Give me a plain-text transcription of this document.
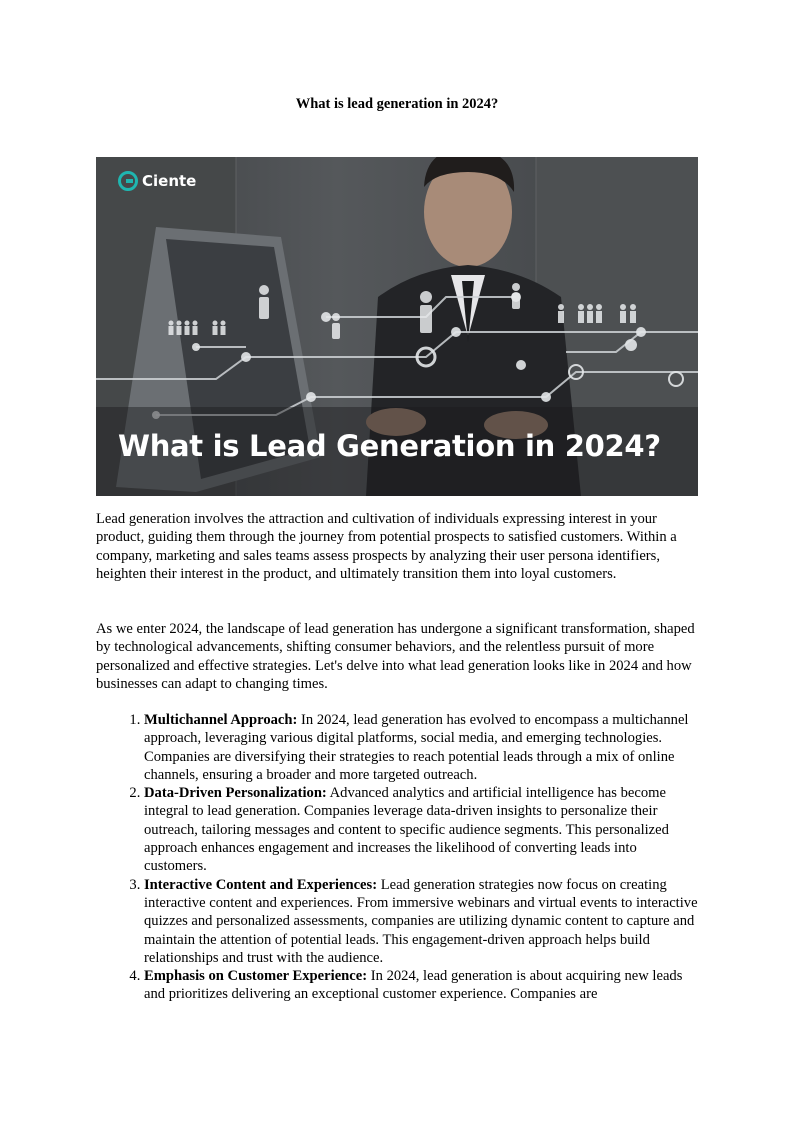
What is lead generation in 2024?
Ciente
What is Lead Generation in 2024?

Lead generation involves the attraction and cultivation of individuals expressing interest in your product, guiding them through the journey from potential prospects to satisfied customers. Within a company, marketing and sales teams assess prospects by analyzing their user persona identifiers, heighten their interest in the product, and ultimately transition them into loyal customers.

As we enter 2024, the landscape of lead generation has undergone a significant transformation, shaped by technological advancements, shifting consumer behaviors, and the relentless pursuit of more personalized and effective strategies. Let's delve into what lead generation looks like in 2024 and how businesses can adapt to changing times.

1. Multichannel Approach: In 2024, lead generation has evolved to encompass a multichannel approach, leveraging various digital platforms, social media, and emerging technologies. Companies are diversifying their strategies to reach potential leads through a mix of online channels, ensuring a broader and more targeted outreach.
2. Data-Driven Personalization: Advanced analytics and artificial intelligence has become integral to lead generation. Companies leverage data-driven insights to personalize their outreach, tailoring messages and content to specific audience segments. This personalized approach enhances engagement and increases the likelihood of converting leads into customers.
3. Interactive Content and Experiences: Lead generation strategies now focus on creating interactive content and experiences. From immersive webinars and virtual events to interactive quizzes and personalized assessments, companies are utilizing dynamic content to capture and maintain the attention of potential leads. This engagement-driven approach helps build relationships and trust with the audience.
4. Emphasis on Customer Experience: In 2024, lead generation is about acquiring new leads and prioritizes delivering an exceptional customer experience. Companies are
